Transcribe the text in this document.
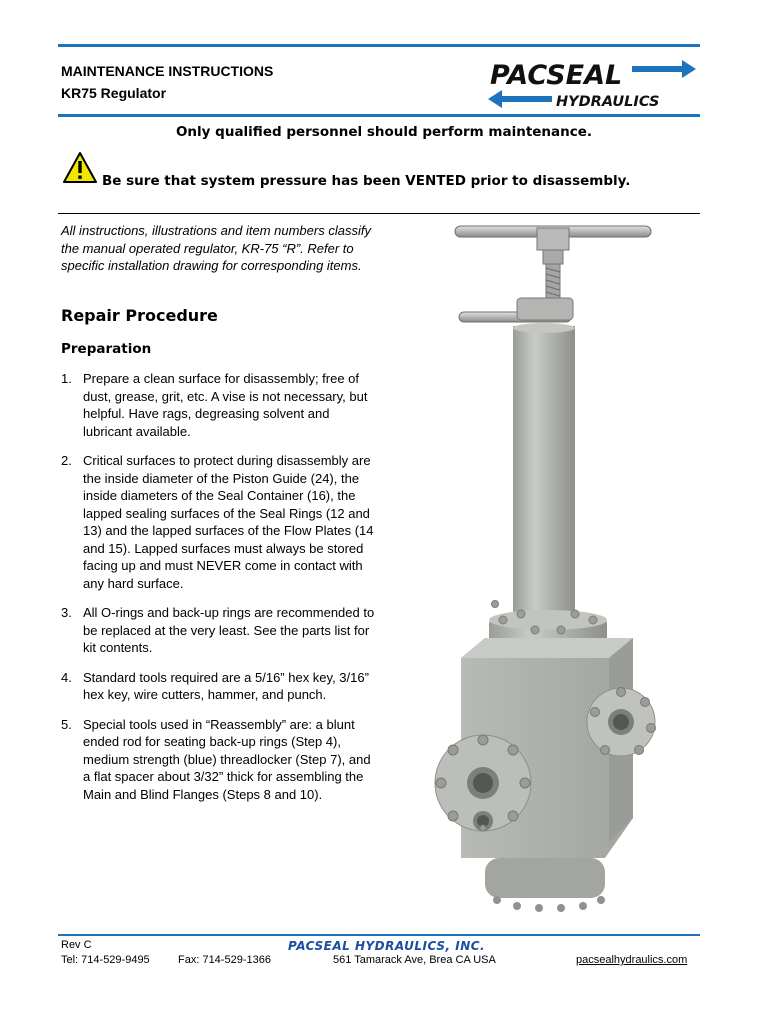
MAINTENANCE INSTRUCTIONS
KR75 Regulator
PACSEAL
HYDRAULICS
Only qualified personnel should perform maintenance.
Be sure that system pressure has been VENTED prior to disassembly.
All instructions, illustrations and item numbers classify the manual operated regulator, KR-75 “R”. Refer to specific installation drawing for corresponding items.
Repair Procedure
Preparation
1. Prepare a clean surface for disassembly; free of dust, grease, grit, etc. A vise is not necessary, but helpful. Have rags, degreasing solvent and lubricant available.
2. Critical surfaces to protect during disassembly are the inside diameter of the Piston Guide (24), the inside diameters of the Seal Container (16), the lapped sealing surfaces of the Seal Rings (12 and 13) and the lapped surfaces of the Flow Plates (14 and 15). Lapped surfaces must always be stored facing up and must NEVER come in contact with any hard surface.
3. All O-rings and back-up rings are recommended to be replaced at the very least. See the parts list for kit contents.
4. Standard tools required are a 5/16” hex key, 3/16” hex key, wire cutters, hammer, and punch.
5. Special tools used in “Reassembly” are: a blunt ended rod for seating back-up rings (Step 4), medium strength (blue) threadlocker (Step 7), and a flat spacer about 3/32” thick for assembling the Main and Blind Flanges (Steps 8 and 10).
Rev C	PACSEAL HYDRAULICS, INC.
Tel: 714-529-9495	Fax: 714-529-1366	561 Tamarack Ave, Brea CA USA	pacsealhydraulics.com
